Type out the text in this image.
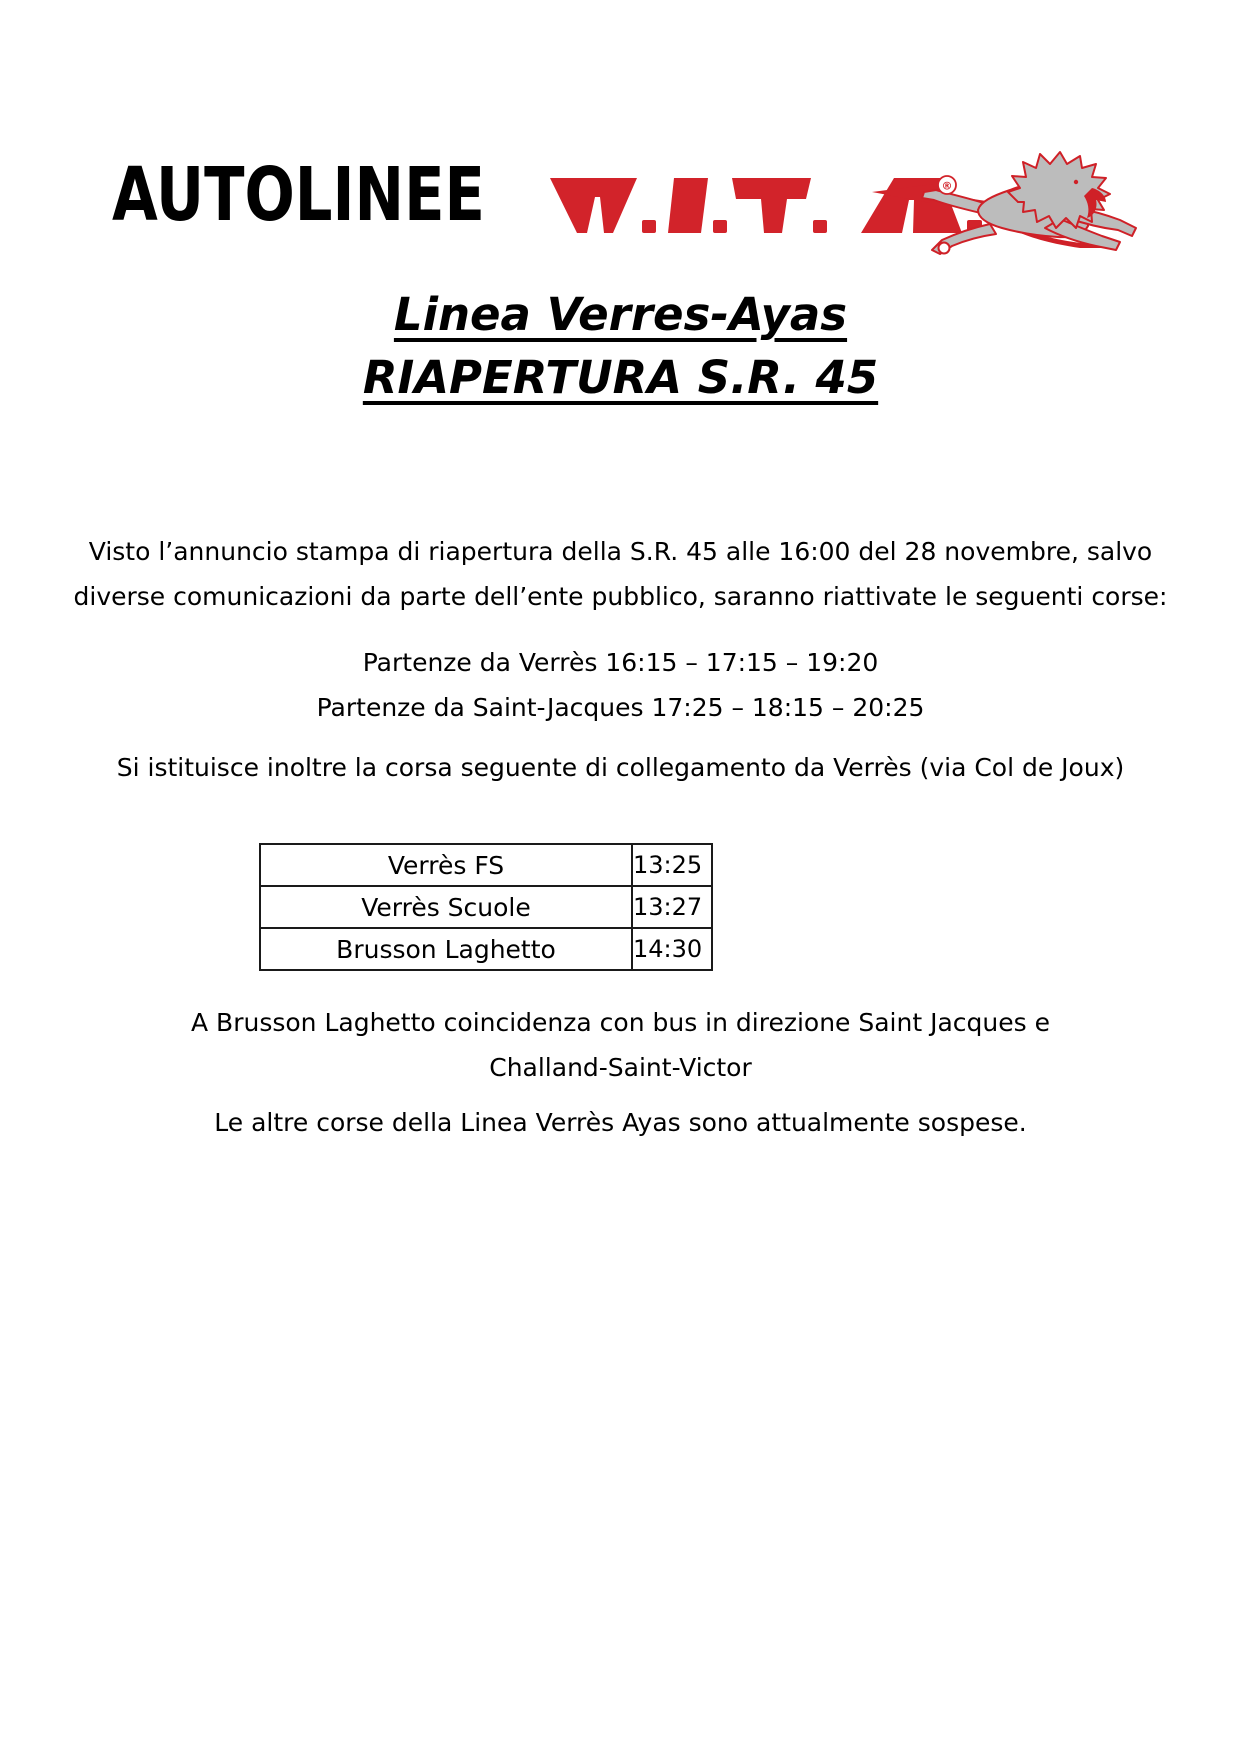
AUTOLINEE	®

Linea Verres-Ayas

RIAPERTURA S.R. 45

Visto l’annuncio stampa di riapertura della S.R. 45 alle 16:00 del 28 novembre, salvo
diverse comunicazioni da parte dell’ente pubblico, saranno riattivate le seguenti corse:

Partenze da Verrès 16:15 – 17:15 – 19:20
Partenze da Saint-Jacques 17:25 – 18:15 – 20:25

Si istituisce inoltre la corsa seguente di collegamento da Verrès (via Col de Joux)

Verrès FS	13:25
Verrès Scuole	13:27
Brusson Laghetto	14:30

A Brusson Laghetto coincidenza con bus in direzione Saint Jacques e
Challand-Saint-Victor

Le altre corse della Linea Verrès Ayas sono attualmente sospese.
